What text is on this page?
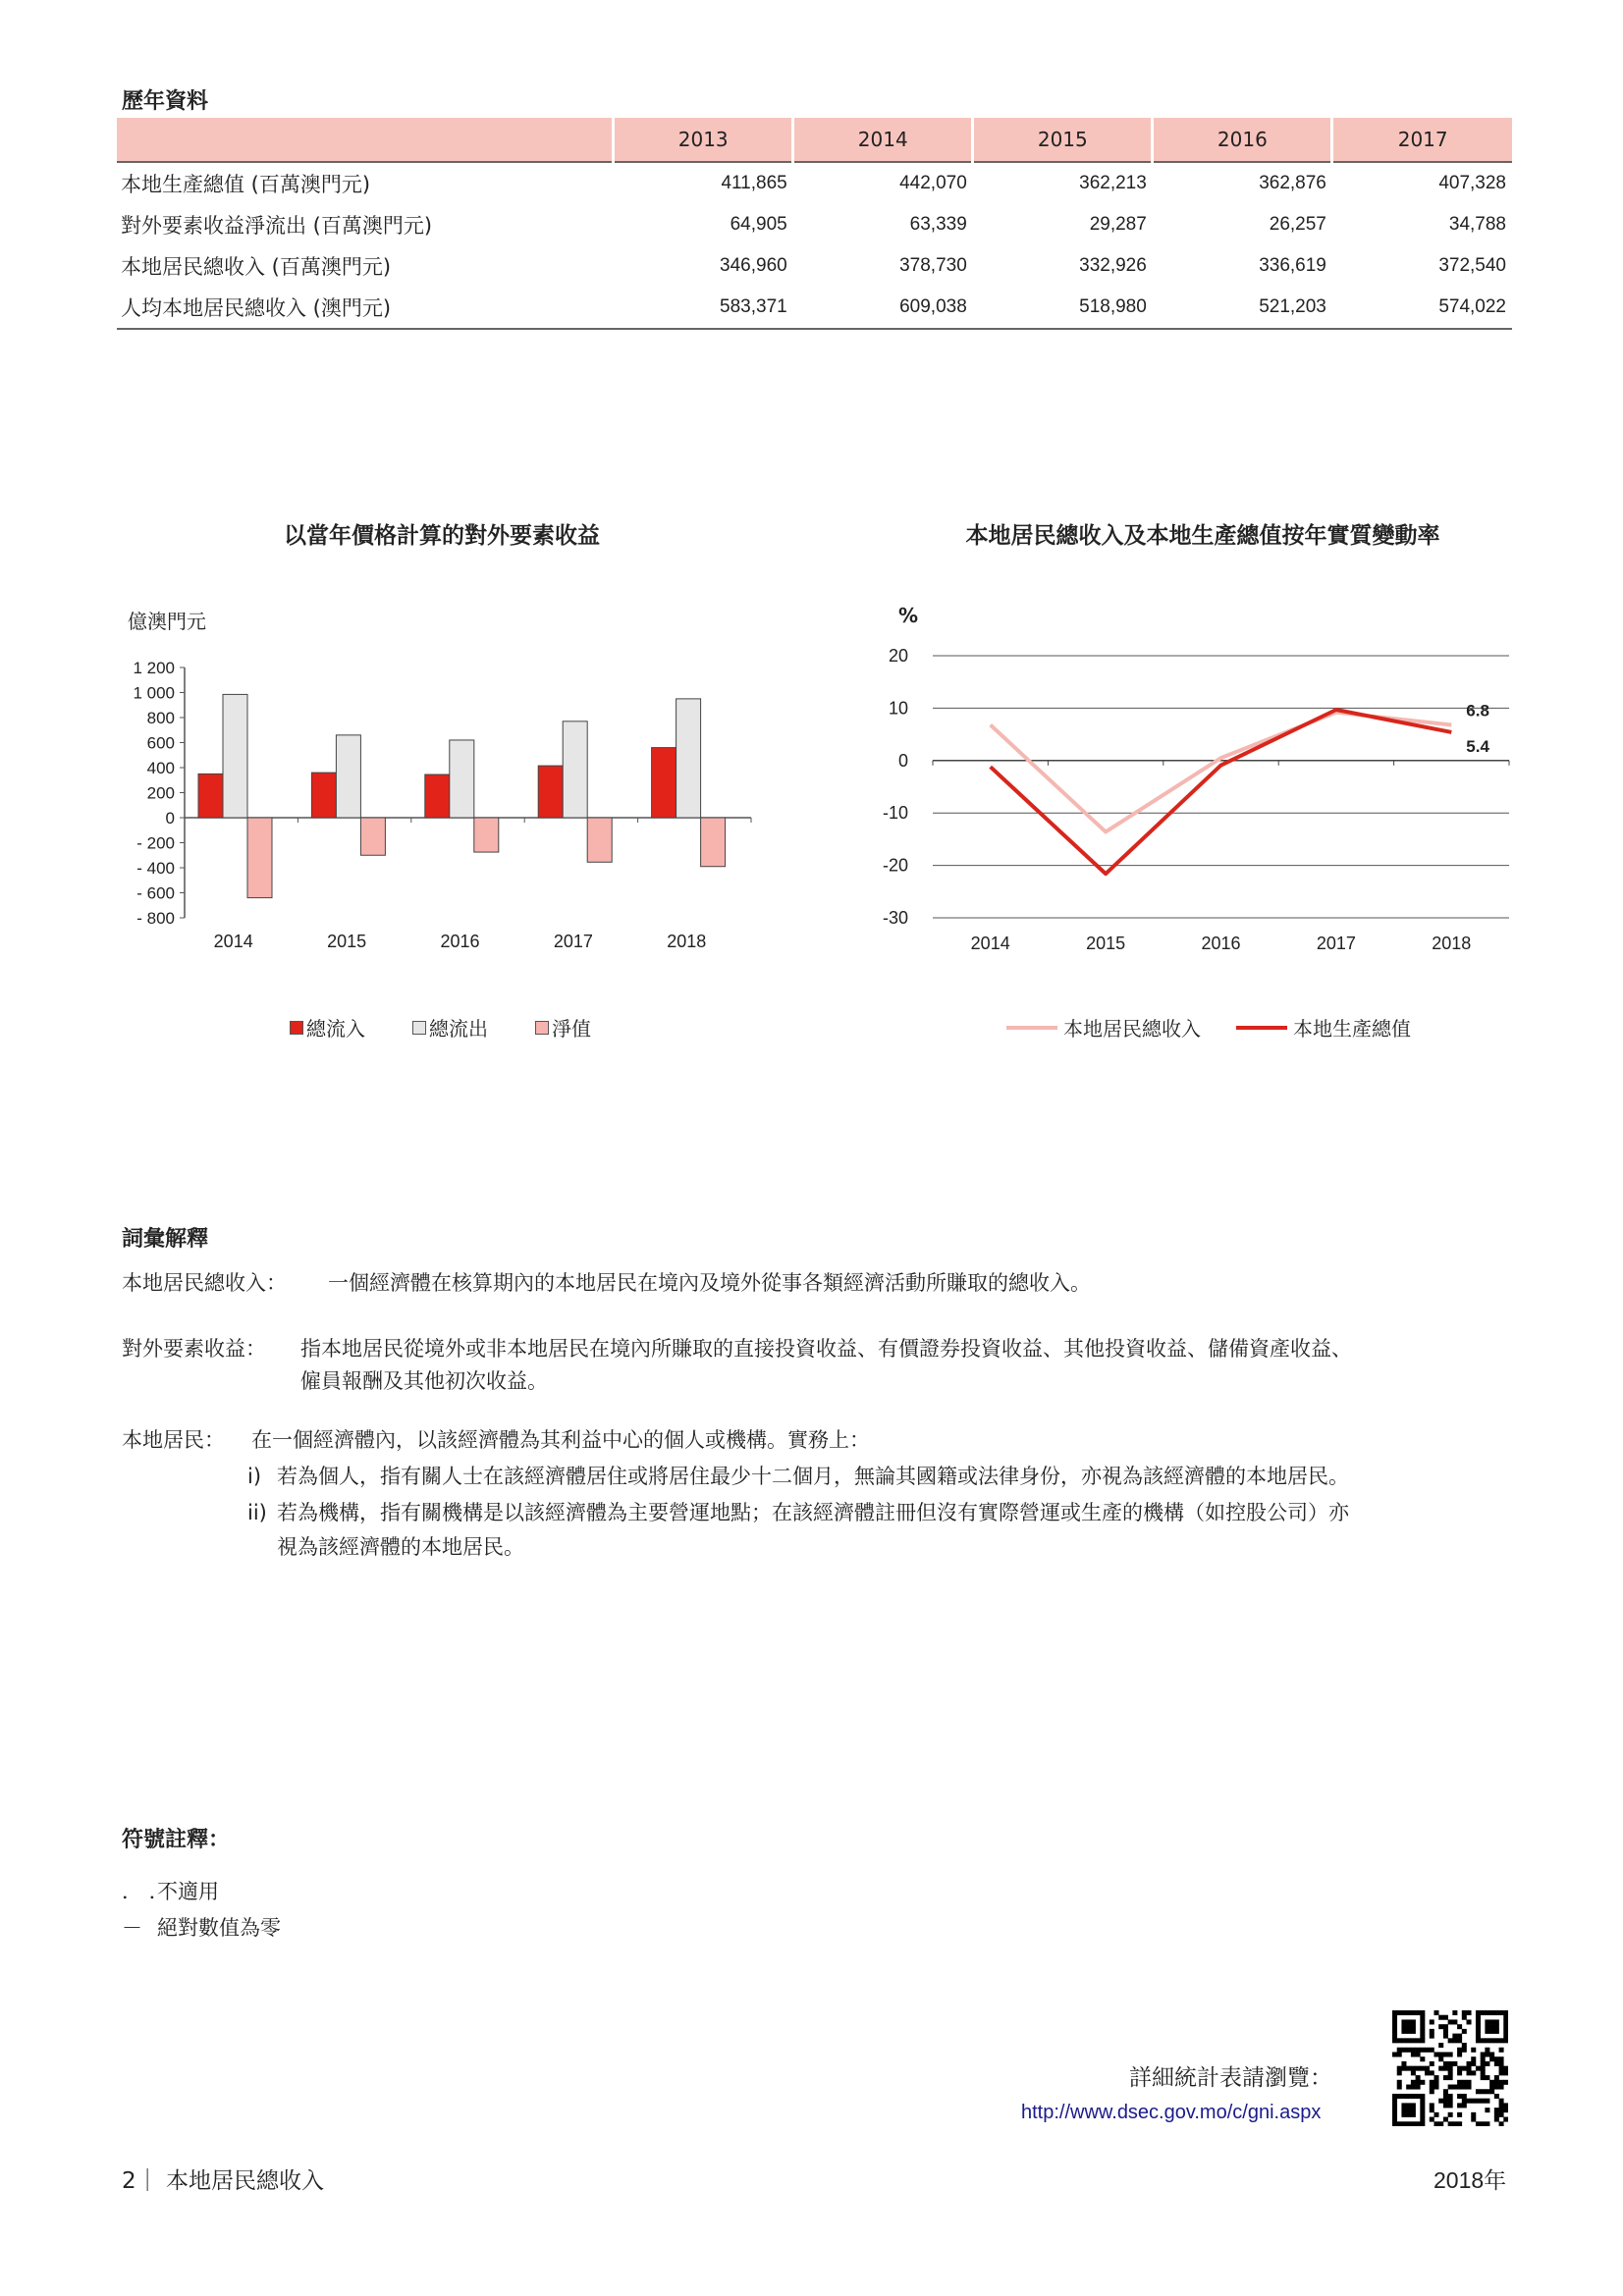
歷年資料
	2013	2014	2015	2016	2017
本地生產總值 (百萬澳門元)	411,865	442,070	362,213	362,876	407,328
對外要素收益淨流出 (百萬澳門元)	64,905	63,339	29,287	26,257	34,788
本地居民總收入 (百萬澳門元)	346,960	378,730	332,926	336,619	372,540
人均本地居民總收入 (澳門元)	583,371	609,038	518,980	521,203	574,022
以當年價格計算的對外要素收益
億澳門元
1 200
1 000
800
600
400
200
0
- 200
- 400
- 600
- 800
2014	2015	2016	2017	2018
總流入	總流出	淨值
本地居民總收入及本地生產總值按年實質變動率
%
20
10
0
-10
-20
-30
2014	2015	2016	2017	2018
6.8
5.4
本地居民總收入	本地生產總值
詞彙解釋
本地居民總收入： 一個經濟體在核算期內的本地居民在境內及境外從事各類經濟活動所賺取的總收入。
對外要素收益： 指本地居民從境外或非本地居民在境內所賺取的直接投資收益、有價證券投資收益、其他投資收益、儲備資產收益、
僱員報酬及其他初次收益。
本地居民： 在一個經濟體內，以該經濟體為其利益中心的個人或機構。實務上：
i) 若為個人，指有關人士在該經濟體居住或將居住最少十二個月，無論其國籍或法律身份，亦視為該經濟體的本地居民。
ii) 若為機構，指有關機構是以該經濟體為主要營運地點；在該經濟體註冊但沒有實際營運或生產的機構（如控股公司）亦
視為該經濟體的本地居民。
符號註釋：
． ．
不適用
－ 絕對數值為零
詳細統計表請瀏覽：
http://www.dsec.gov.mo/c/gni.aspx
2｜ 本地居民總收入	2018年
